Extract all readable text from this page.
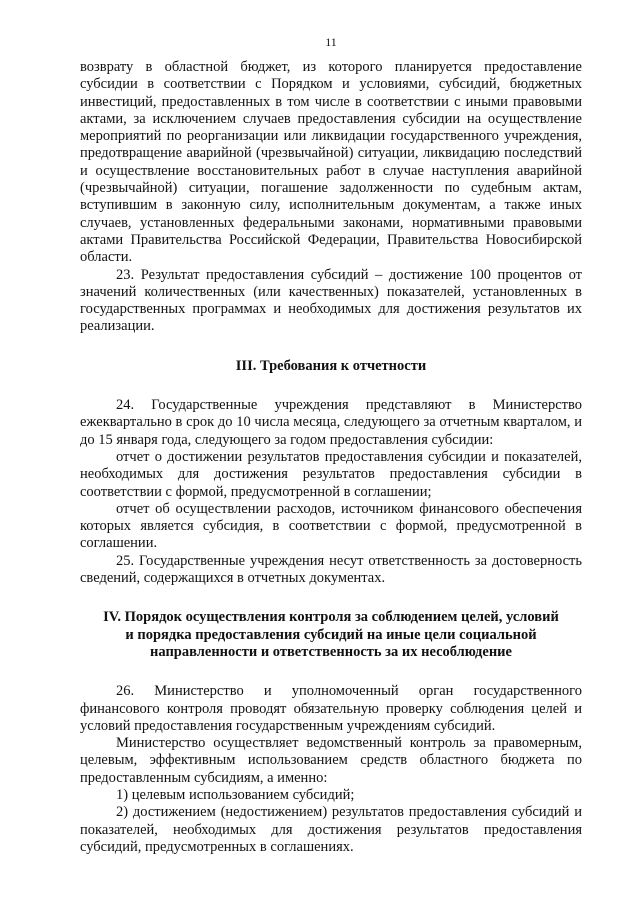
11

возврату в областной бюджет, из которого планируется предоставление субсидии в соответствии с Порядком и условиями, субсидий, бюджетных инвестиций, предоставленных в том числе в соответствии с иными правовыми актами, за исключением случаев предоставления субсидии на осуществление мероприятий по реорганизации или ликвидации государственного учреждения, предотвращение аварийной (чрезвычайной) ситуации, ликвидацию последствий и осуществление восстановительных работ в случае наступления аварийной (чрезвычайной) ситуации, погашение задолженности по судебным актам, вступившим в законную силу, исполнительным документам, а также иных случаев, установленных федеральными законами, нормативными правовыми актами Правительства Российской Федерации, Правительства Новосибирской области.

23. Результат предоставления субсидий – достижение 100 процентов от значений количественных (или качественных) показателей, установленных в государственных программах и необходимых для достижения результатов их реализации.

III. Требования к отчетности

24. Государственные учреждения представляют в Министерство ежеквартально в срок до 10 числа месяца, следующего за отчетным кварталом, и до 15 января года, следующего за годом предоставления субсидии:

отчет о достижении результатов предоставления субсидии и показателей, необходимых для достижения результатов предоставления субсидии в соответствии с формой, предусмотренной в соглашении;

отчет об осуществлении расходов, источником финансового обеспечения которых является субсидия, в соответствии с формой, предусмотренной в соглашении.

25. Государственные учреждения несут ответственность за достоверность сведений, содержащихся в отчетных документах.

IV. Порядок осуществления контроля за соблюдением целей, условий
и порядка предоставления субсидий на иные цели социальной
направленности и ответственность за их несоблюдение

26. Министерство и уполномоченный орган государственного финансового контроля проводят обязательную проверку соблюдения целей и условий предоставления государственным учреждениям субсидий.

Министерство осуществляет ведомственный контроль за правомерным, целевым, эффективным использованием средств областного бюджета по предоставленным субсидиям, а именно:

1) целевым использованием субсидий;

2) достижением (недостижением) результатов предоставления субсидий и показателей, необходимых для достижения результатов предоставления субсидий, предусмотренных в соглашениях.
